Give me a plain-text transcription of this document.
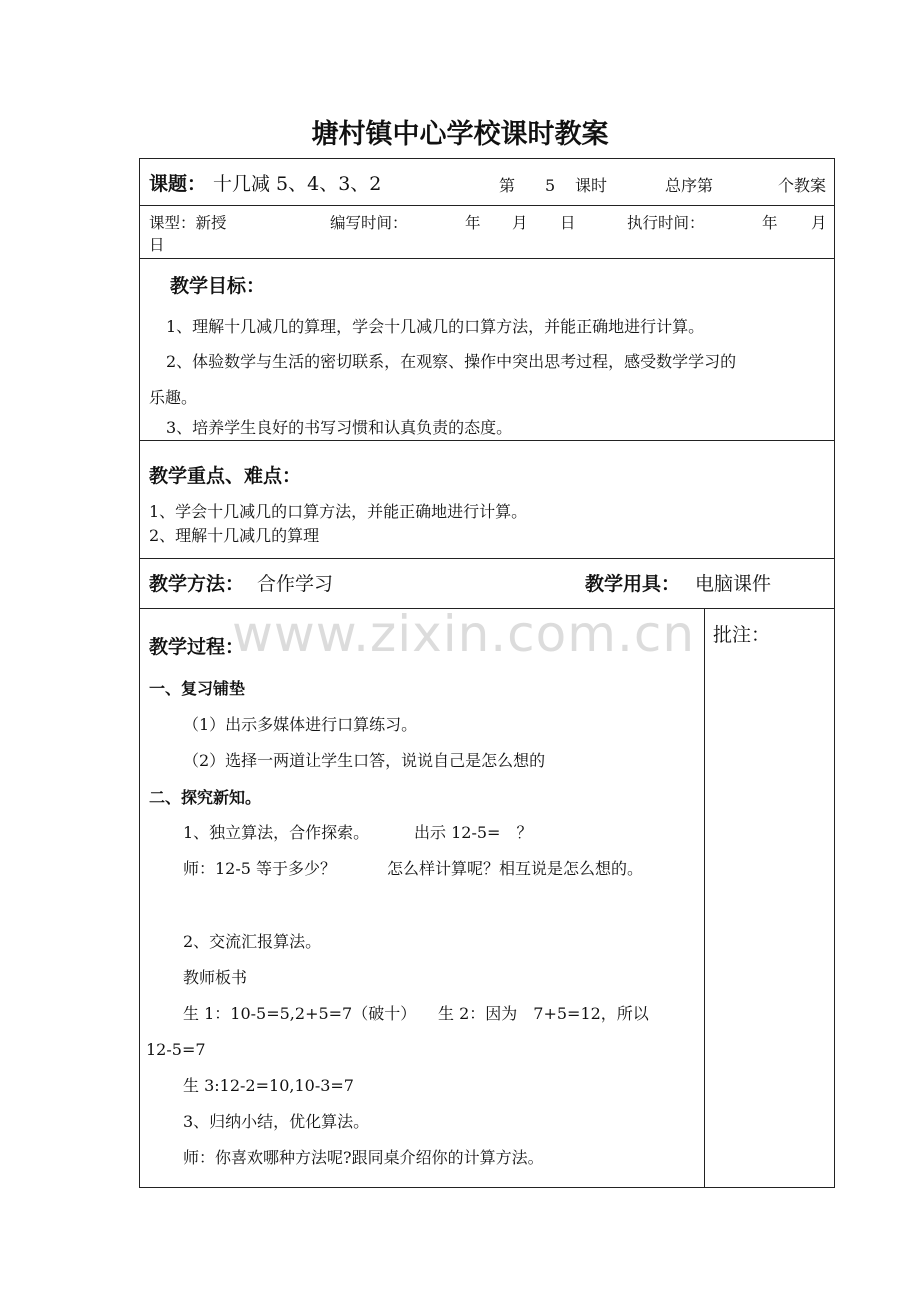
塘村镇中心学校课时教案
课题： 十几减 5、4、3、2	第 5 课时	总序第	个教案
课型：新授	编写时间：	年 月 日	执行时间：	年 月
日
教学目标：
1、理解十几减几的算理，学会十几减几的口算方法，并能正确地进行计算。
2、体验数学与生活的密切联系，在观察、操作中突出思考过程，感受数学学习的
乐趣。
3、培养学生良好的书写习惯和认真负责的态度。
教学重点、难点：
1、学会十几减几的口算方法，并能正确地进行计算。
2、理解十几减几的算理
教学方法： 合作学习	教学用具： 电脑课件
教学过程：
一、复习铺垫
（1）出示多媒体进行口算练习。
（2）选择一两道让学生口答，说说自己是怎么想的
二、探究新知。
1、独立算法，合作探索。	出示 12-5=　？
师：12-5 等于多少？	怎么样计算呢？相互说是怎么想的。
2、交流汇报算法。
教师板书
生 1：10-5=5,2+5=7（破十） 生 2：因为　7+5=12，所以
12-5=7
生 3:12-2=10,10-3=7
3、归纳小结，优化算法。
师：你喜欢哪种方法呢?跟同桌介绍你的计算方法。
批注：
www.zixin.com.cn
